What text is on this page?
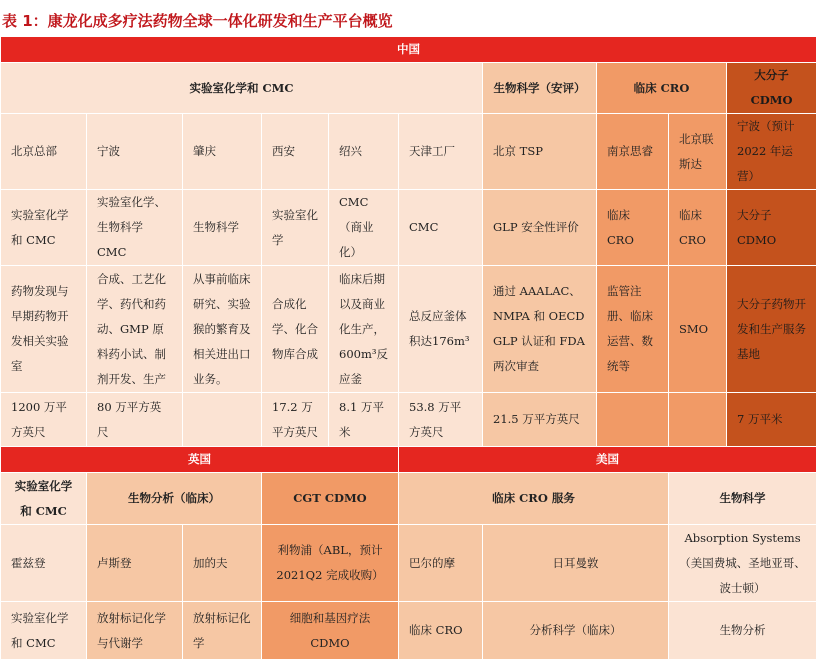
表 1：康龙化成多疗法药物全球一体化研发和生产平台概览
中国									
实验室化学和 CMC						生物科学（安评）	临床 CRO		大分子 CDMO
北京总部	宁波	肇庆	西安	绍兴	天津工厂	北京 TSP	南京思睿	北京联斯达	宁波（预计2022 年运营）
实验室化学和 CMC	实验室化学、生物科学 CMC	生物科学	实验室化学	CMC（商业化）	CMC	GLP 安全性评价	临床 CRO	临床CRO	大分子 CDMO
药物发现与早期药物开发相关实验室	合成、工艺化学、药代和药动、GMP 原料药小试、制剂开发、生产	从事前临床研究、实验猴的繁育及相关进出口业务。	合成化学、化合物库合成	临床后期以及商业化生产，600m³反应釜	总反应釜体积达176m³	通过 AAALAC、NMPA 和 OECD GLP 认证和 FDA 两次审查	监管注册、临床运营、数统等	SMO	大分子药物开发和生产服务基地
1200 万平方英尺	80 万平方英尺		17.2 万平方英尺	8.1 万平米	53.8 万平方英尺	21.5 万平方英尺			7 万平米
英国					美国				
实验室化学和 CMC	生物分析（临床）		CGT CDMO		临床 CRO 服务			生物科学	
霍兹登	卢斯登	加的夫	利物浦（ABL，预计2021Q2 完成收购）		巴尔的摩	日耳曼敦		Absorption Systems （美国费城、圣地亚哥、波士顿）	
实验室化学和 CMC	放射标记化学与代谢学	放射标记化学	细胞和基因疗法CDMO		临床 CRO	分析科学（临床）		生物分析	
